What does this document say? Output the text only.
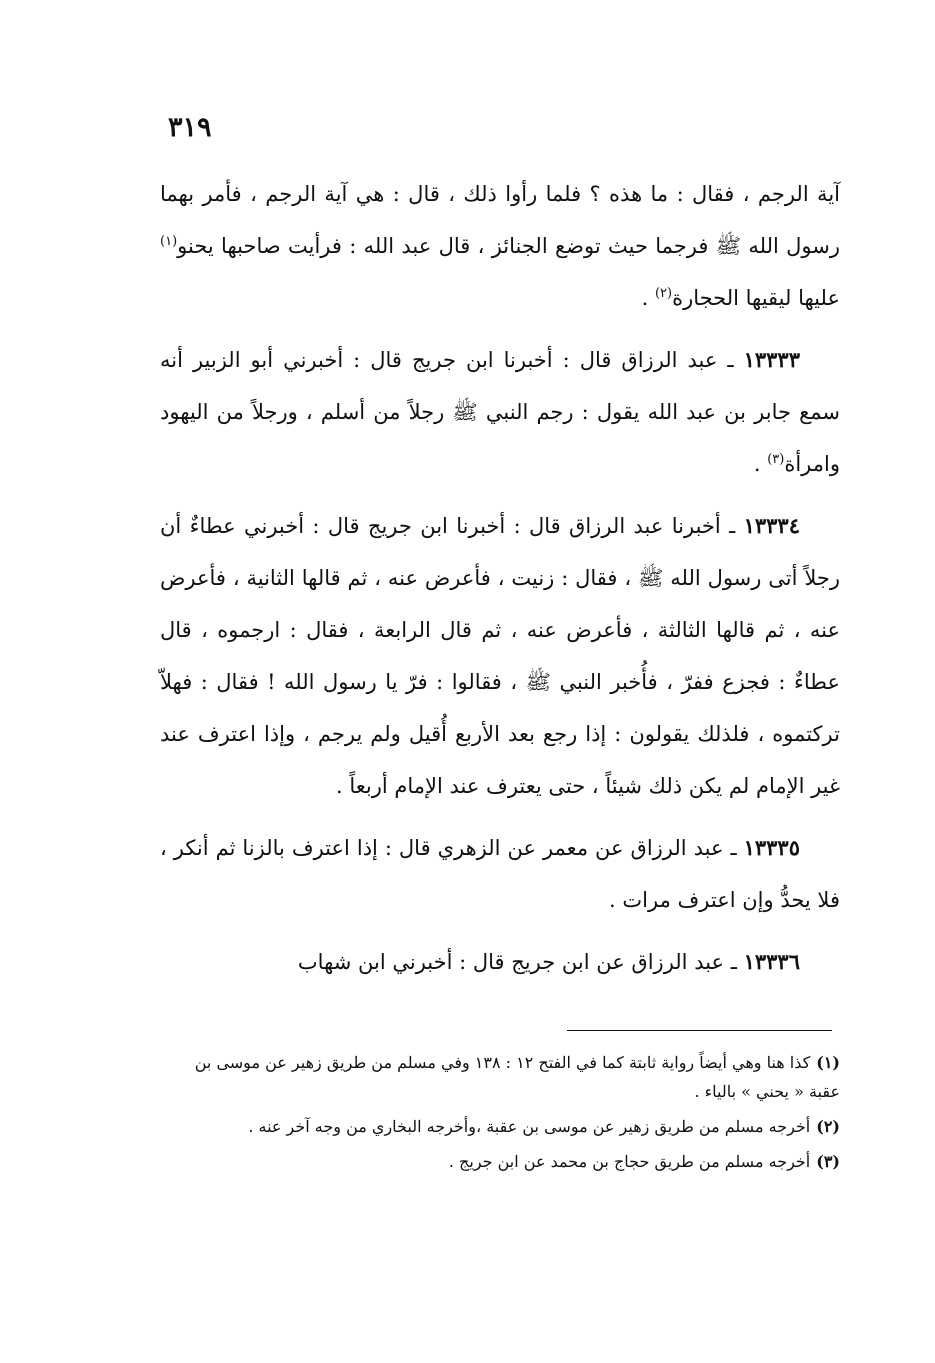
٣١٩

آية الرجم ، فقال : ما هذه ؟ فلما رأوا ذلك ، قال : هي آية الرجم ، فأمر بهما رسول الله ﷺ فرجما حيث توضع الجنائز ، قال عبد الله : فرأيت صاحبها يحنو$^{(١)}$ عليها ليقيها الحجارة$^{(٢)}$ .

١٣٣٣٣ ـ عبد الرزاق قال : أخبرنا ابن جريج قال : أخبرني أبو الزبير أنه سمع جابر بن عبد الله يقول : رجم النبي ﷺ رجلاً من أسلم ، ورجلاً من اليهود وامرأة$^{(٣)}$ .

١٣٣٣٤ ـ أخبرنا عبد الرزاق قال : أخبرنا ابن جريج قال : أخبرني عطاءٌ أن رجلاً أتى رسول الله ﷺ ، فقال : زنيت ، فأعرض عنه ، ثم قالها الثانية ، فأعرض عنه ، ثم قالها الثالثة ، فأعرض عنه ، ثم قال الرابعة ، فقال : ارجموه ، قال عطاءٌ : فجزع ففرّ ، فأُخبر النبي ﷺ ، فقالوا : فرّ يا رسول الله ! فقال : فهلاّ تركتموه ، فلذلك يقولون : إذا رجع بعد الأربع أُقيل ولم يرجم ، وإذا اعترف عند غير الإمام لم يكن ذلك شيئاً ، حتى يعترف عند الإمام أربعاً .

١٣٣٣٥ ـ عبد الرزاق عن معمر عن الزهري قال : إذا اعترف بالزنا ثم أنكر ، فلا يحدُّ وإن اعترف مرات .

١٣٣٣٦ ـ عبد الرزاق عن ابن جريج قال : أخبرني ابن شهاب

(١)كذا هنا وهي أيضاً رواية ثابتة كما في الفتح ١٢ : ١٣٨ وفي مسلم من طريق زهير عن موسى بن عقبة « يحني » بالياء .

(٢)أخرجه مسلم من طريق زهير عن موسى بن عقبة ،وأخرجه البخاري من وجه آخر عنه .

(٣)أخرجه مسلم من طريق حجاج بن محمد عن ابن جريج .
